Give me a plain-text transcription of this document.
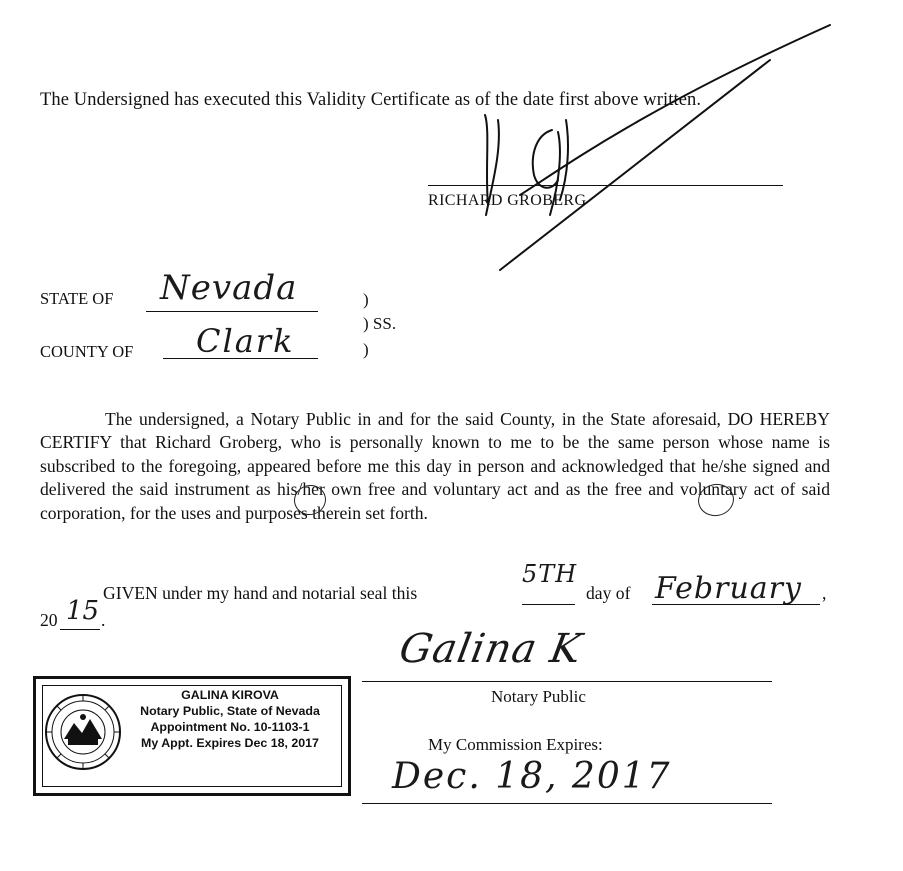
The Undersigned has executed this Validity Certificate as of the date first above written.
RICHARD GROBERG
STATE OF Nevada
COUNTY OF Clark
)
) SS.
)

The undersigned, a Notary Public in and for the said County, in the State aforesaid, DO HEREBY CERTIFY that Richard Groberg, who is personally known to me to be the same person whose name is subscribed to the foregoing, appeared before me this day in person and acknowledged that he/she signed and delivered the said instrument as his/her own free and voluntary act and as the free and voluntary act of said corporation, for the uses and purposes therein set forth.

GIVEN under my hand and notarial seal this
5TH
day of February ,
20 15 .
Galina K
Notary Public
My Commission Expires:
Dec. 18, 2017
GALINA KIROVA
Notary Public, State of Nevada
Appointment No. 10-1103-1
My Appt. Expires Dec 18, 2017
